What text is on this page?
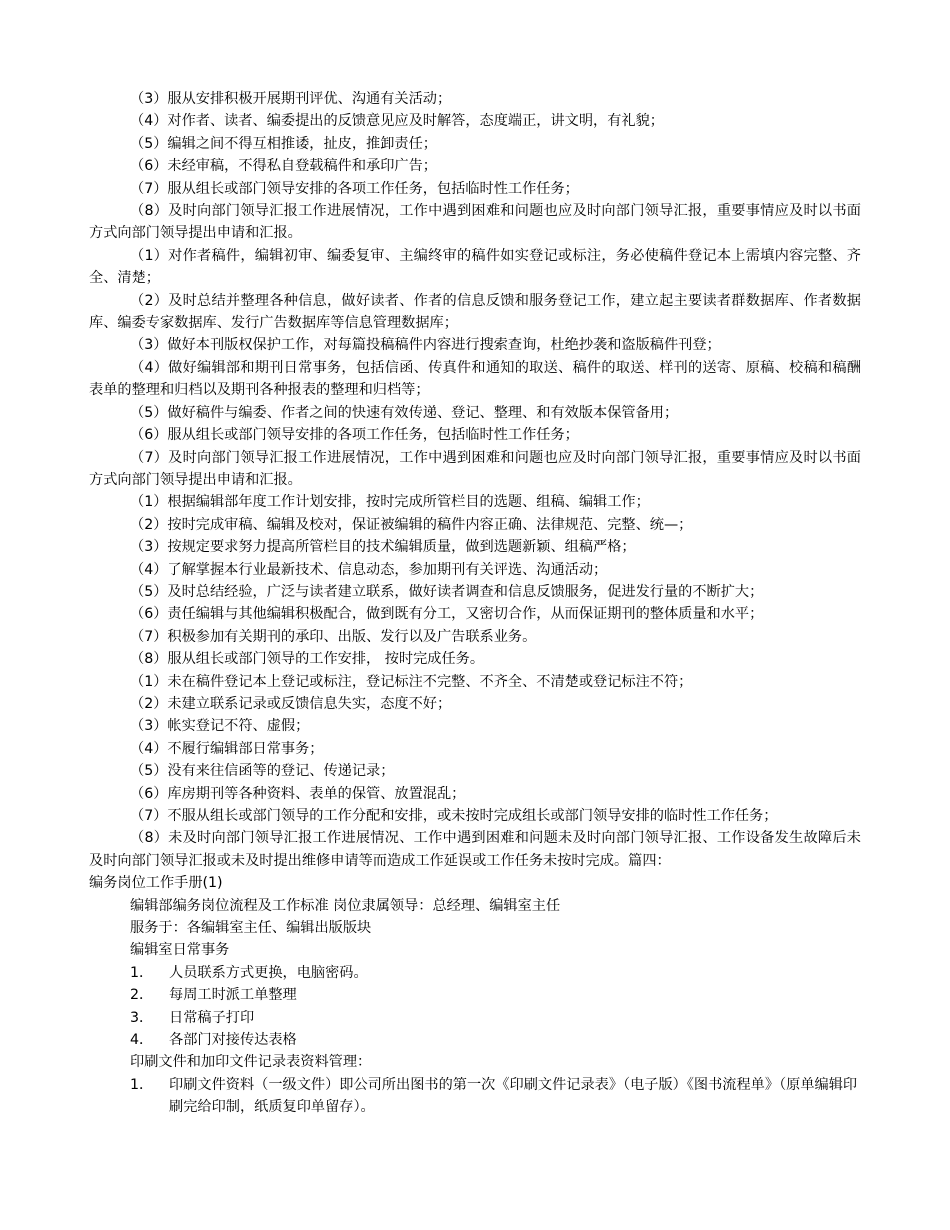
（3）服从安排积极开展期刊评优、沟通有关活动；

（4）对作者、读者、编委提出的反馈意见应及时解答，态度端正，讲文明，有礼貌；

（5）编辑之间不得互相推诿，扯皮，推卸责任；

（6）未经审稿，不得私自登载稿件和承印广告；

（7）服从组长或部门领导安排的各项工作任务，包括临时性工作任务；

（8）及时向部门领导汇报工作进展情况，工作中遇到困难和问题也应及时向部门领导汇报，重要事情应及时以书面方式向部门领导提出申请和汇报。

（1）对作者稿件，编辑初审、编委复审、主编终审的稿件如实登记或标注，务必使稿件登记本上需填内容完整、齐全、清楚；

（2）及时总结并整理各种信息，做好读者、作者的信息反馈和服务登记工作，建立起主要读者群数据库、作者数据库、编委专家数据库、发行广告数据库等信息管理数据库；

（3）做好本刊版权保护工作，对每篇投稿稿件内容进行搜索查询，杜绝抄袭和盗版稿件刊登；

（4）做好编辑部和期刊日常事务，包括信函、传真件和通知的取送、稿件的取送、样刊的送寄、原稿、校稿和稿酬表单的整理和归档以及期刊各种报表的整理和归档等；

（5）做好稿件与编委、作者之间的快速有效传递、登记、整理、和有效版本保管备用；

（6）服从组长或部门领导安排的各项工作任务，包括临时性工作任务；

（7）及时向部门领导汇报工作进展情况，工作中遇到困难和问题也应及时向部门领导汇报，重要事情应及时以书面方式向部门领导提出申请和汇报。

（1）根据编辑部年度工作计划安排，按时完成所管栏目的选题、组稿、编辑工作；

（2）按时完成审稿、编辑及校对，保证被编辑的稿件内容正确、法律规范、完整、统—；

（3）按规定要求努力提高所管栏目的技术编辑质量，做到选题新颖、组稿严格；

（4）了解掌握本行业最新技术、信息动态，参加期刊有关评选、沟通活动；

（5）及时总结经验，广泛与读者建立联系，做好读者调查和信息反馈服务，促进发行量的不断扩大；

（6）责任编辑与其他编辑积极配合，做到既有分工，又密切合作，从而保证期刊的整体质量和水平；

（7）积极参加有关期刊的承印、出版、发行以及广告联系业务。

（8）服从组长或部门领导的工作安排， 按时完成任务。

（1）未在稿件登记本上登记或标注，登记标注不完整、不齐全、不清楚或登记标注不符；

（2）未建立联系记录或反馈信息失实，态度不好；

（3）帐实登记不符、虚假；

（4）不履行编辑部日常事务；

（5）没有来往信函等的登记、传递记录；

（6）库房期刊等各种资料、表单的保管、放置混乱；

（7）不服从组长或部门领导的工作分配和安排，或未按时完成组长或部门领导安排的临时性工作任务；

（8）未及时向部门领导汇报工作进展情况、工作中遇到困难和问题未及时向部门领导汇报、工作设备发生故障后未及时向部门领导汇报或未及时提出维修申请等而造成工作延误或工作任务未按时完成。篇四：

编务岗位工作手册(1)

编辑部编务岗位流程及工作标准 岗位隶属领导：总经理、编辑室主任

服务于：各编辑室主任、编辑出版版块

编辑室日常事务

1．	人员联系方式更换，电脑密码。
2．	每周工时派工单整理
3．	日常稿子打印
4．	各部门对接传达表格

印刷文件和加印文件记录表资料管理：

1．	印刷文件资料（一级文件）即公司所出图书的第一次《印刷文件记录表》（电子版）《图书流程单》（原单编辑印刷完给印制，纸质复印单留存）。
